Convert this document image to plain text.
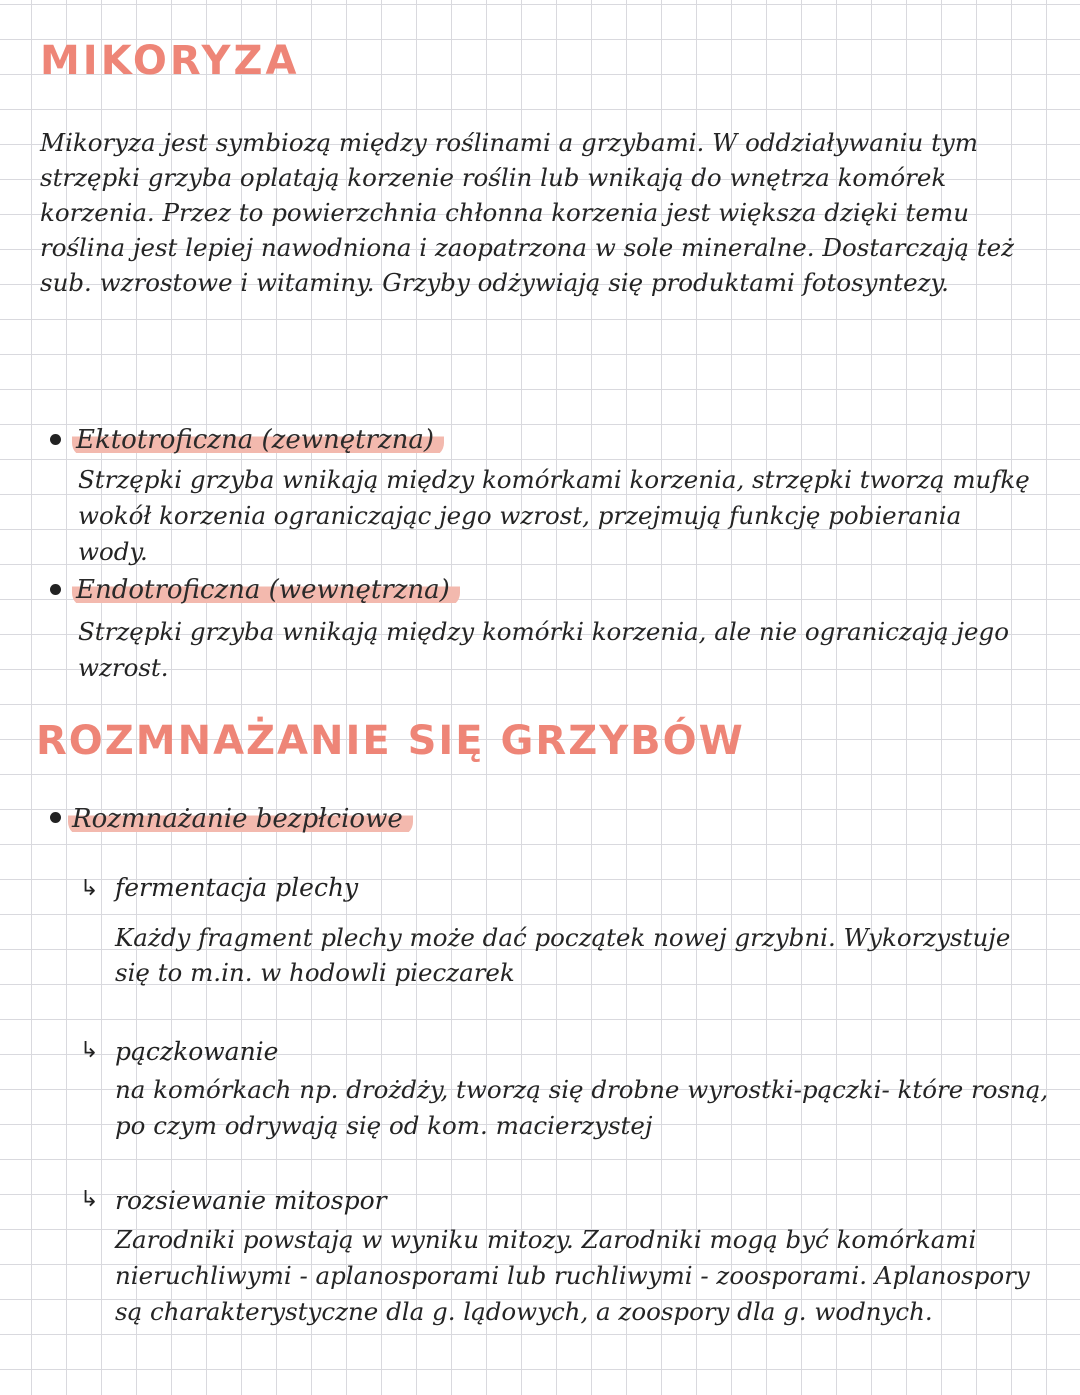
MIKORYZA

Mikoryza jest symbiozą między roślinami a grzybami. W oddziaływaniu tym strzępki grzyba oplatają korzenie roślin lub wnikają do wnętrza komórek korzenia. Przez to powierzchnia chłonna korzenia jest większa dzięki temu roślina jest lepiej nawodniona i zaopatrzona w sole mineralne. Dostarczają też sub. wzrostowe i witaminy. Grzyby odżywiają się produktami fotosyntezy.

Ektotroficzna (zewnętrzna)

Strzępki grzyba wnikają między komórkami korzenia, strzępki tworzą mufkę wokół korzenia ograniczając jego wzrost, przejmują funkcję pobierania wody.

Endotroficzna (wewnętrzna)

Strzępki grzyba wnikają między komórki korzenia, ale nie ograniczają jego wzrost.

ROZMNAŻANIE SIĘ GRZYBÓW
Rozmnażanie bezpłciowe
↳ fermentacja plechy

Każdy fragment plechy może dać początek nowej grzybni. Wykorzystuje się to m.in. w hodowli pieczarek

↳ pączkowanie

na komórkach np. drożdży, tworzą się drobne wyrostki-pączki- które rosną, po czym odrywają się od kom. macierzystej

↳ rozsiewanie mitospor

Zarodniki powstają w wyniku mitozy. Zarodniki mogą być komórkami nieruchliwymi - aplanosporami lub ruchliwymi - zoosporami. Aplanospory są charakterystyczne dla g. lądowych, a zoospory dla g. wodnych.
